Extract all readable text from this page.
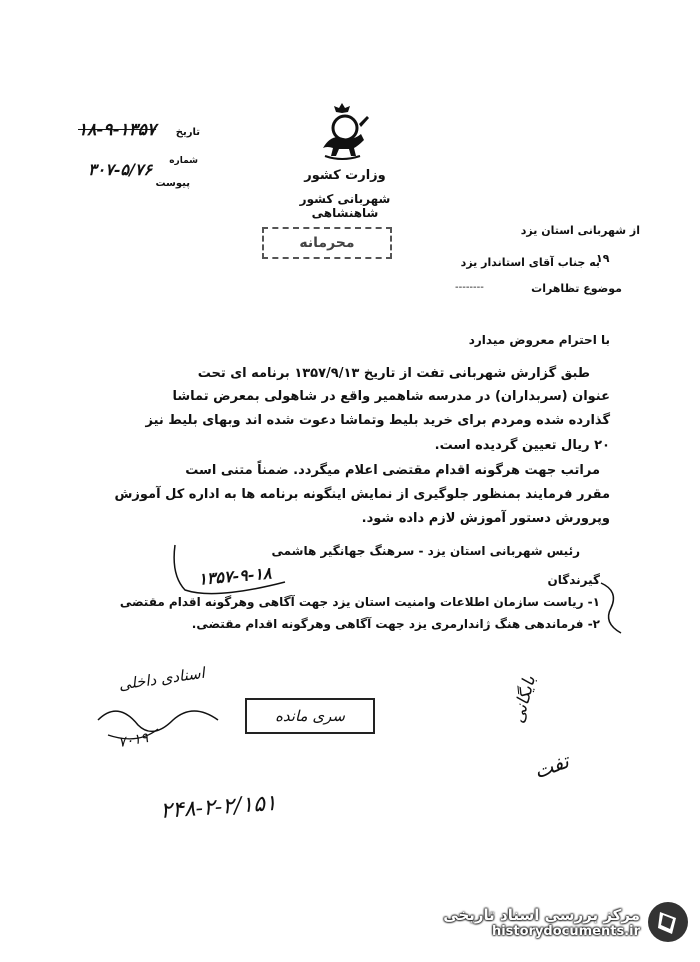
وزارت کشور
شهربانی کشور شاهنشاهی
تاریخ
۱۸-۹-۱۳۵۷
شماره
۳۰۷-۵/۷۶
پیوست
محرمانه
از شهربانی استان یزد
به جناب آقای استاندار یزد
۱۹
موضوع تظاهرات
--------
با احترام معروض میدارد
طبق گزارش شهربانی تفت از تاریخ ۱۳۵۷/۹/۱۳ برنامه ای تحت
عنوان (سربداران) در مدرسه شاهمیر واقع در شاهولی بمعرض تماشا
گذارده شده ومردم برای خرید بلیط وتماشا دعوت شده اند وبهای بلیط نیز
۲۰ ریال تعیین گردیده است.
مراتب جهت هرگونه اقدام مقتضی اعلام میگردد. ضمناً متنی است
مقرر فرمایند بمنظور جلوگیری از نمایش اینگونه برنامه ها به اداره کل آموزش
وپرورش دستور آموزش لازم داده شود.
رئیس شهربانی استان یزد - سرهنگ جهانگیر هاشمی
۱۳۵۷-۹-۱۸	گیرندگان
۱- ریاست سازمان اطلاعات وامنیت استان یزد جهت آگاهی وهرگونه اقدام مقتضی
۲- فرماندهی هنگ ژاندارمری یزد جهت آگاهی وهرگونه اقدام مقتضی.
اسنادی داخلی
۷۰۱۹
سری مانده	بایگانی
تفت
۲۴۸-۲-۲/۱۵۱
مرکز بررسی اسناد تاریخی
historydocuments.ir
